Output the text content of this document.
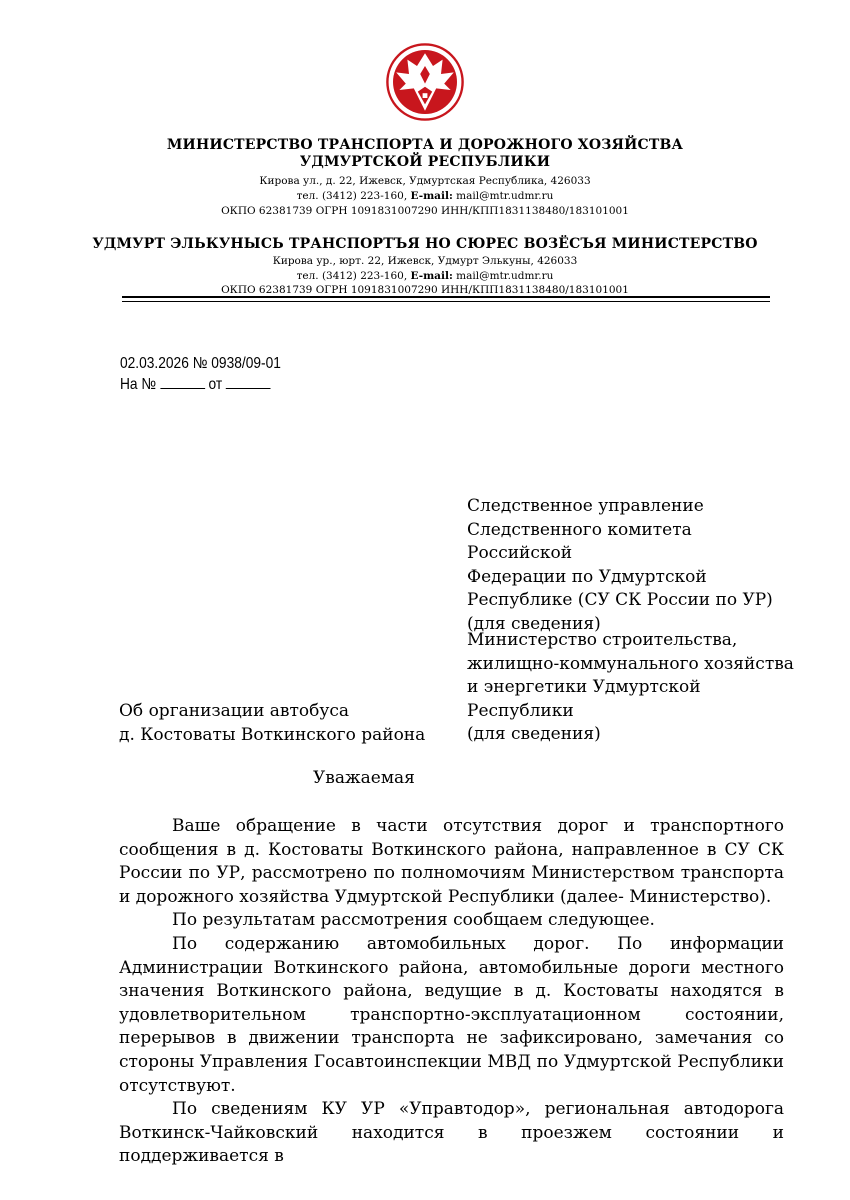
МИНИСТЕРСТВО ТРАНСПОРТА И ДОРОЖНОГО ХОЗЯЙСТВА

УДМУРТСКОЙ РЕСПУБЛИКИ

Кирова ул., д. 22, Ижевск, Удмуртская Республика, 426033

тел. (3412) 223-160, E-mail: mail@mtr.udmr.ru

ОКПО 62381739 ОГРН 1091831007290 ИНН/КПП1831138480/183101001

УДМУРТ ЭЛЬКУНЫСЬ ТРАНСПОРТЪЯ НО СЮРЕС ВОЗЁСЪЯ МИНИСТЕРСТВО

Кирова ур., юрт. 22, Ижевск, Удмурт Элькуны, 426033

тел. (3412) 223-160, E-mail: mail@mtr.udmr.ru

ОКПО 62381739 ОГРН 1091831007290 ИНН/КПП1831138480/183101001

02.03.2026 № 0938/09-01
На №	от
Следственное управление
Следственного комитета Российской
Федерации по Удмуртской
Республике (СУ СК России по УР)
(для сведения)
Министерство строительства,
жилищно-коммунального хозяйства
и энергетики Удмуртской
Республики
(для сведения)
Об организации автобуса
д. Костоваты Воткинского района
Уважаемая

Ваше обращение в части отсутствия дорог и транспортного сообщения в д. Костоваты Воткинского района, направленное в СУ СК России по УР, рассмотрено по полномочиям Министерством транспорта и дорожного хозяйства Удмуртской Республики (далее- Министерство).

По результатам рассмотрения сообщаем следующее.

По содержанию автомобильных дорог. По информации Администрации Воткинского района, автомобильные дороги местного значения Воткинского района, ведущие в д. Костоваты находятся в удовлетворительном транспортно-эксплуатационном состоянии, перерывов в движении транспорта не зафиксировано, замечания со стороны Управления Госавтоинспекции МВД по Удмуртской Республики отсутствуют.

По сведениям КУ УР «Управтодор», региональная автодорога Воткинск-Чайковский находится в проезжем состоянии и поддерживается в
